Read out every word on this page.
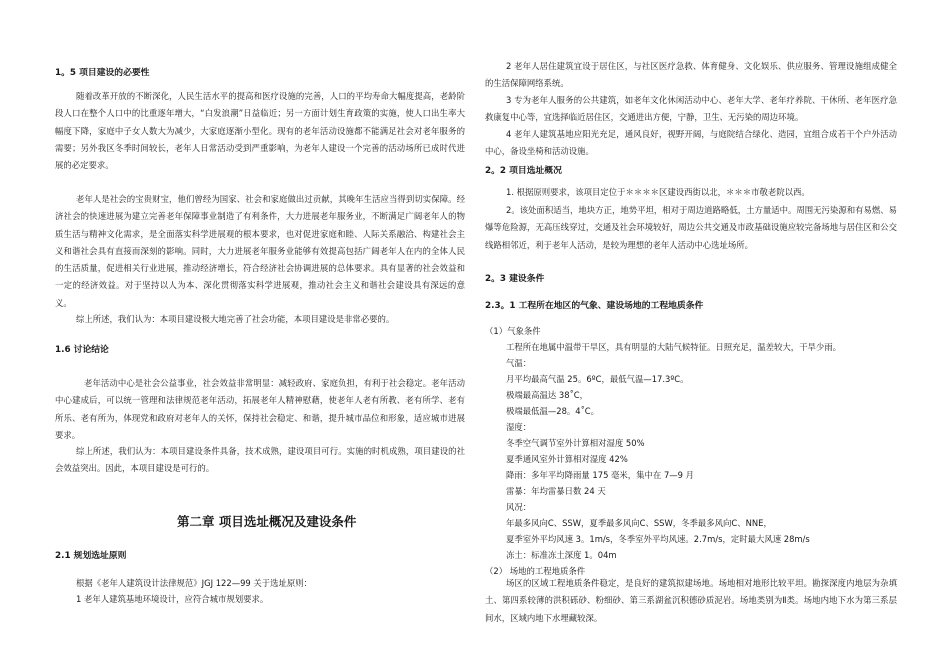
1。5 项目建设的必要性
随着改革开放的不断深化，人民生活水平的提高和医疗设施的完善，人口的平均寿命大幅度提高，老龄阶段人口在整个人口中的比重逐年增大，“白发浪潮”日益临近；另一方面计划生育政策的实施，使人口出生率大幅度下降，家庭中子女人数大为减少，大家庭逐渐小型化。现有的老年活动设施都不能满足社会对老年服务的需要；另外我区冬季时间较长，老年人日常活动受到严重影响，为老年人建设一个完善的活动场所已成时代进展的必定要求。
老年人是社会的宝贵财宝，他们曾经为国家、社会和家庭做出过贡献，其晚年生活应当得到切实保障。经济社会的快速进展为建立完善老年保障事业制造了有利条件，大力进展老年服务业，不断满足广阔老年人的物质生活与精神文化需求，是全面落实科学进展观的根本要求，也对促进家庭和睦、人际关系融洽、构建社会主义和谐社会具有直接而深刻的影响。同时，大力进展老年服务业能够有效提高包括广阔老年人在内的全体人民的生活质量，促进相关行业进展，推动经济增长，符合经济社会协调进展的总体要求。具有显著的社会效益和一定的经济效益。对于坚持以人为本、深化贯彻落实科学进展观，推动社会主义和谐社会建设具有深远的意义。
综上所述，我们认为：本项目建设极大地完善了社会功能，本项目建设是非常必要的。
1.6 讨论结论
老年活动中心是社会公益事业，社会效益非常明显：减轻政府、家庭负担，有利于社会稳定。老年活动中心建成后，可以统一管理和法律规范老年活动，拓展老年人精神慰藉，使老年人老有所教、老有所学、老有所乐、老有所为，体现党和政府对老年人的关怀，保持社会稳定、和谐，提升城市品位和形象，适应城市进展要求。
综上所述，我们认为：本项目建设条件具备，技术成熟，建设项目可行。实施的时机成熟，项目建设的社会效益突出。因此，本项目建设是可行的。
第二章 项目选址概况及建设条件
2.1 规划选址原则
根据《老年人建筑设计法律规范》JGJ 122—99 关于选址原则：
1 老年人建筑基地环境设计，应符合城市规划要求。
2 老年人居住建筑宜设于居住区，与社区医疗急救、体育健身、文化娱乐、供应服务、管理设施组成健全的生活保障网络系统。
3 专为老年人服务的公共建筑，如老年文化休闲活动中心、老年大学、老年疗养院、干休所、老年医疗急救康复中心等，宜选择临近居住区，交通进出方便，宁静，卫生、无污染的周边环境。
4 老年人建筑基地应阳光充足，通风良好，视野开阔，与庭院结合绿化、造园，宜组合成若干个户外活动中心，备设坐椅和活动设施。
2。2 项目选址概况
1. 根据原则要求，该项目定位于＊＊＊＊区建设西街以北，＊＊＊市敬老院以西。
2。该处面积适当，地块方正，地势平坦，相对于周边道路略低，土方量适中。周围无污染源和有易燃、易爆等危险源，无高压线穿过，交通及社会环境较好，周边公共交通及市政基础设施应较完备场地与居住区和公交线路相邻近，利于老年人活动，是较为理想的老年人活动中心选址场所。
2。3 建设条件
2.3。1 工程所在地区的气象、建设场地的工程地质条件
（1）气象条件
工程所在地属中温带干旱区，具有明显的大陆气候特征。日照充足，温差较大，干旱少雨。
气温：
月平均最高气温 25。6ºC，最低气温—17.3ºC。
极端最高温达 38˚C，
极端最低温—28。4˚C。
湿度：
冬季空气调节室外计算相对湿度 50%
夏季通风室外计算相对湿度 42%
降雨：多年平均降雨量 175 毫米，集中在 7—9 月
雷暴：年均雷暴日数 24 天
风况：
年最多风向C、SSW，夏季最多风向C、SSW，冬季最多风向C、NNE，
夏季室外平均风速 3。1m/s，冬季室外平均风速。2.7m/s，定时最大风速 28m/s
冻土：标准冻土深度 1。04m
（2） 场地的工程地质条件
场区的区域工程地质条件稳定，是良好的建筑拟建场地。场地相对地形比较平坦。勘探深度内地层为杂填土、第四系较薄的洪积砾砂、粉细砂、第三系湖盆沉积德砂质泥岩。场地类别为Ⅱ类。场地内地下水为第三系层间水，区域内地下水埋藏较深。
